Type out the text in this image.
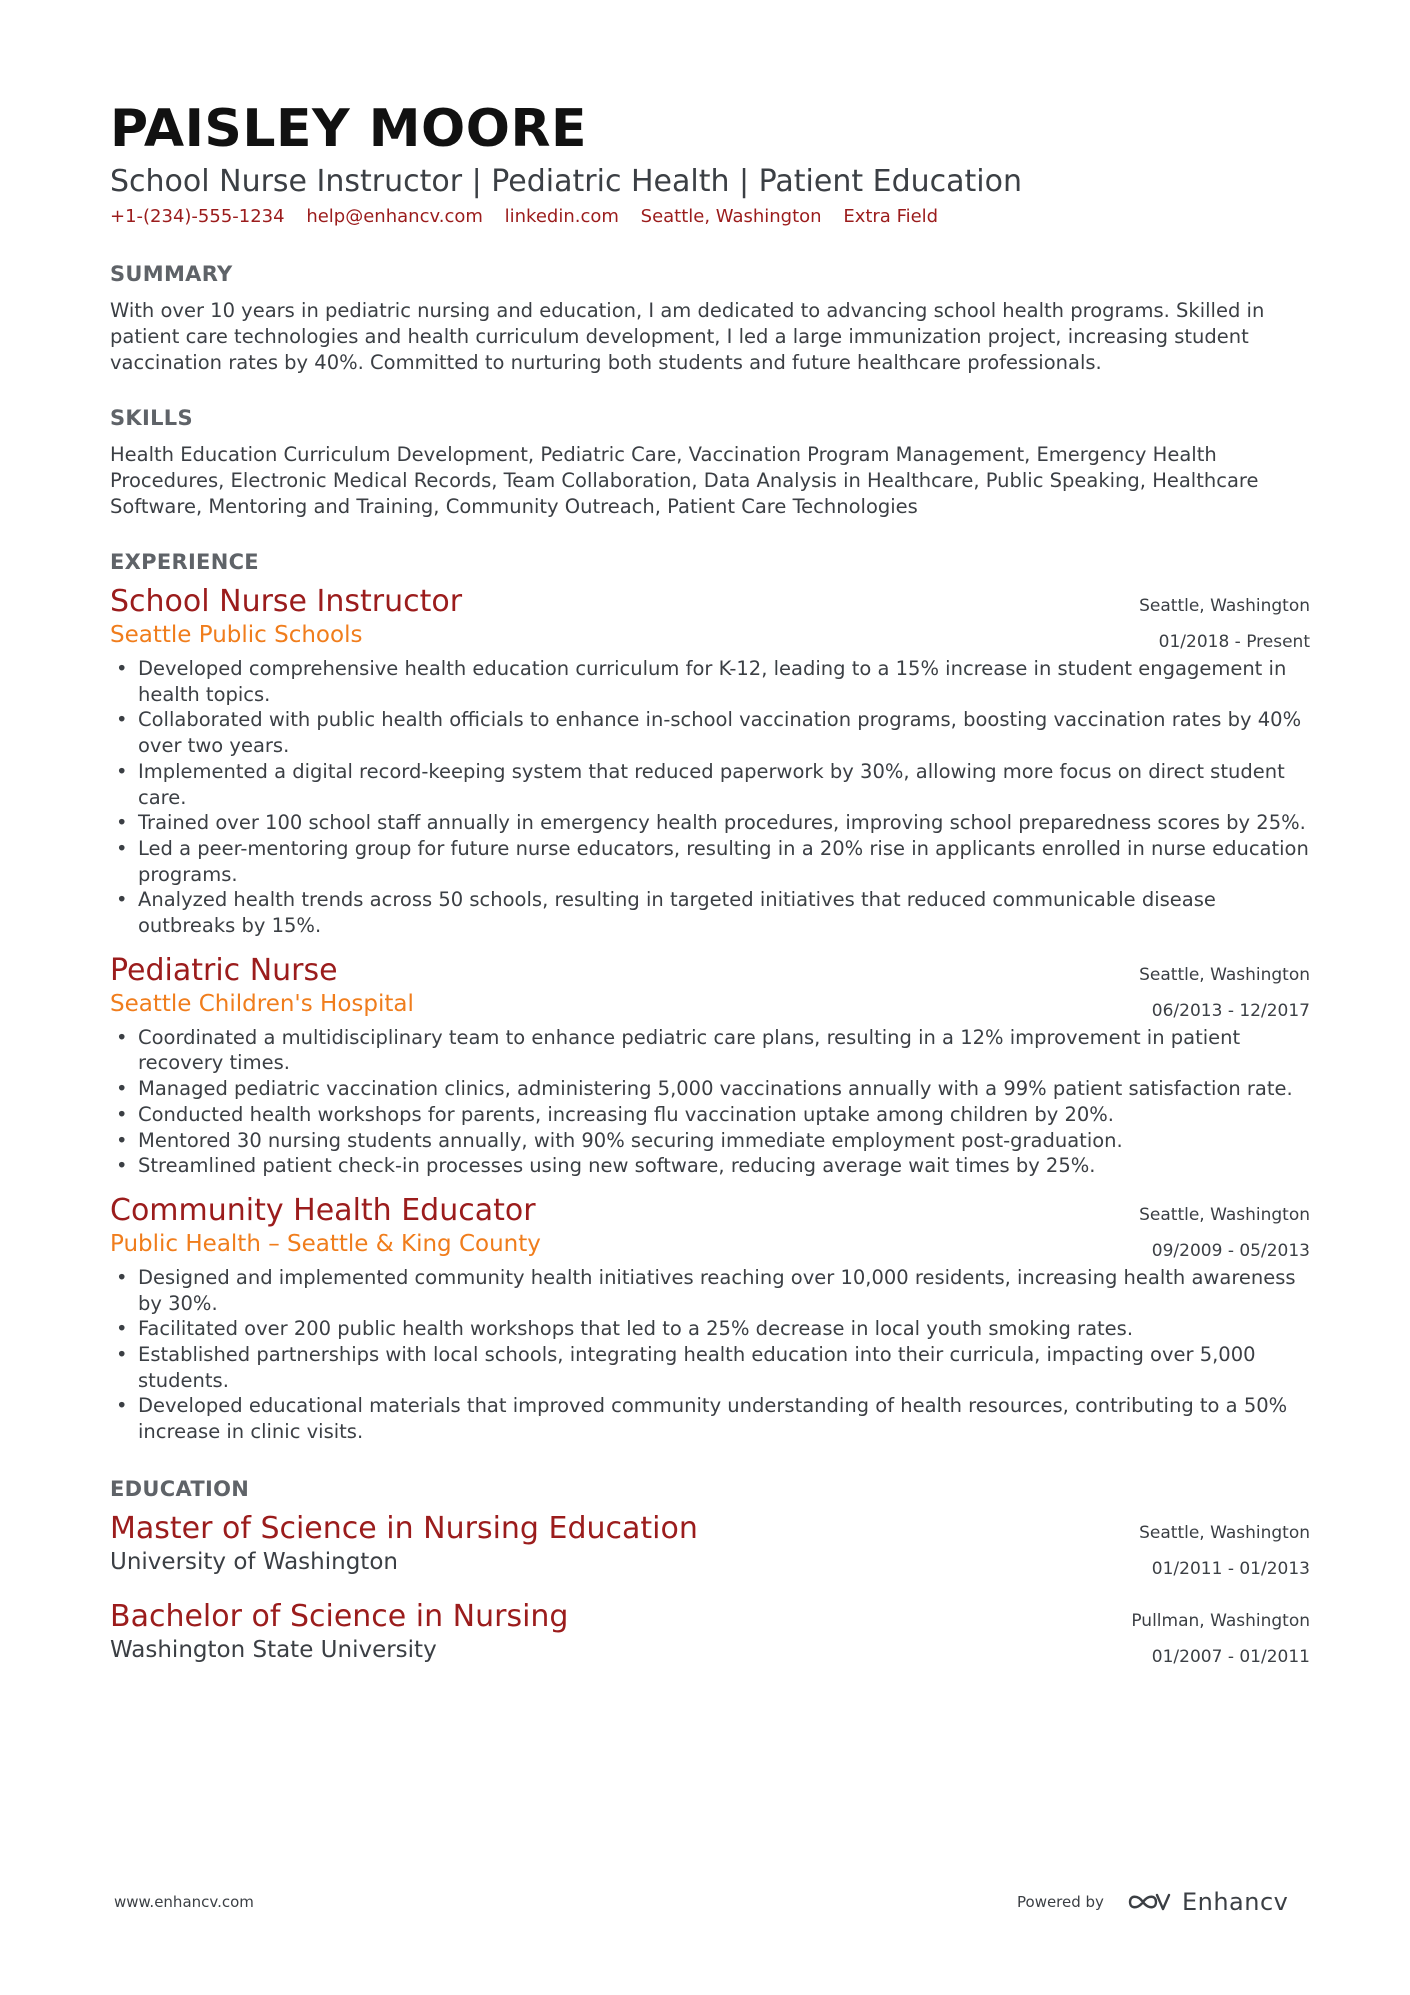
PAISLEY MOORE
School Nurse Instructor | Pediatric Health | Patient Education
+1-(234)-555-1234 help@enhancv.com linkedin.com Seattle, Washington Extra Field
SUMMARY
With over 10 years in pediatric nursing and education, I am dedicated to advancing school health programs. Skilled in patient care technologies and health curriculum development, I led a large immunization project, increasing student vaccination rates by 40%. Committed to nurturing both students and future healthcare professionals.
SKILLS
Health Education Curriculum Development, Pediatric Care, Vaccination Program Management, Emergency Health Procedures, Electronic Medical Records, Team Collaboration, Data Analysis in Healthcare, Public Speaking, Healthcare Software, Mentoring and Training, Community Outreach, Patient Care Technologies
EXPERIENCE
School Nurse Instructor
Seattle Public Schools
Seattle, Washington
01/2018 - Present
• Developed comprehensive health education curriculum for K-12, leading to a 15% increase in student engagement in health topics.
• Collaborated with public health officials to enhance in-school vaccination programs, boosting vaccination rates by 40% over two years.
• Implemented a digital record-keeping system that reduced paperwork by 30%, allowing more focus on direct student care.
• Trained over 100 school staff annually in emergency health procedures, improving school preparedness scores by 25%.
• Led a peer-mentoring group for future nurse educators, resulting in a 20% rise in applicants enrolled in nurse education programs.
• Analyzed health trends across 50 schools, resulting in targeted initiatives that reduced communicable disease outbreaks by 15%.
Pediatric Nurse
Seattle Children's Hospital
Seattle, Washington
06/2013 - 12/2017
• Coordinated a multidisciplinary team to enhance pediatric care plans, resulting in a 12% improvement in patient recovery times.
• Managed pediatric vaccination clinics, administering 5,000 vaccinations annually with a 99% patient satisfaction rate.
• Conducted health workshops for parents, increasing flu vaccination uptake among children by 20%.
• Mentored 30 nursing students annually, with 90% securing immediate employment post-graduation.
• Streamlined patient check-in processes using new software, reducing average wait times by 25%.
Community Health Educator
Public Health – Seattle & King County
Seattle, Washington
09/2009 - 05/2013
• Designed and implemented community health initiatives reaching over 10,000 residents, increasing health awareness by 30%.
• Facilitated over 200 public health workshops that led to a 25% decrease in local youth smoking rates.
• Established partnerships with local schools, integrating health education into their curricula, impacting over 5,000 students.
• Developed educational materials that improved community understanding of health resources, contributing to a 50% increase in clinic visits.
EDUCATION
Master of Science in Nursing Education
University of Washington
Seattle, Washington
01/2011 - 01/2013
Bachelor of Science in Nursing
Washington State University
Pullman, Washington
01/2007 - 01/2011
www.enhancv.com	Powered by	Enhancv
